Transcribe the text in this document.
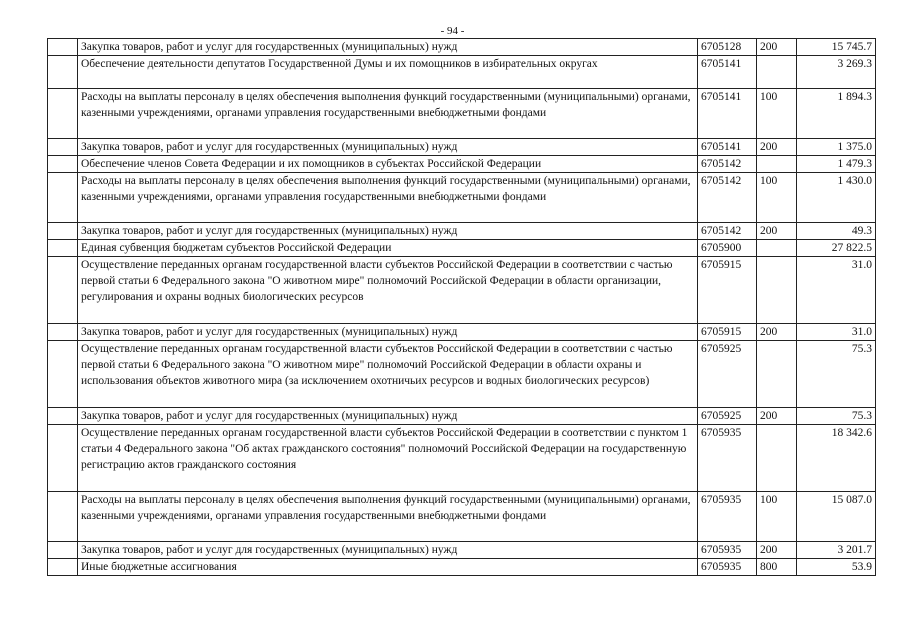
- 94 -
	Закупка товаров, работ и услуг для государственных (муниципальных) нужд	6705128	200	15 745.7
	Обеспечение деятельности депутатов Государственной Думы и их помощников в избирательных округах	6705141		3 269.3
	Расходы на выплаты персоналу в целях обеспечения выполнения функций государственными (муниципальными) органами, казенными учреждениями, органами управления государственными внебюджетными фондами	6705141	100	1 894.3
	Закупка товаров, работ и услуг для государственных (муниципальных) нужд	6705141	200	1 375.0
	Обеспечение членов Совета Федерации и их помощников в субъектах Российской Федерации	6705142		1 479.3
	Расходы на выплаты персоналу в целях обеспечения выполнения функций государственными (муниципальными) органами, казенными учреждениями, органами управления государственными внебюджетными фондами	6705142	100	1 430.0
	Закупка товаров, работ и услуг для государственных (муниципальных) нужд	6705142	200	49.3
	Единая субвенция бюджетам субъектов Российской Федерации	6705900		27 822.5
	Осуществление переданных органам государственной власти субъектов Российской Федерации в соответствии с частью первой статьи 6 Федерального закона "О животном мире" полномочий Российской Федерации в области организации, регулирования и охраны водных биологических ресурсов	6705915		31.0
	Закупка товаров, работ и услуг для государственных (муниципальных) нужд	6705915	200	31.0
	Осуществление переданных органам государственной власти субъектов Российской Федерации в соответствии с частью первой статьи 6 Федерального закона "О животном мире" полномочий Российской Федерации в области охраны и использования объектов животного мира (за исключением охотничьих ресурсов и водных биологических ресурсов)	6705925		75.3
	Закупка товаров, работ и услуг для государственных (муниципальных) нужд	6705925	200	75.3
	Осуществление переданных органам государственной власти субъектов Российской Федерации в соответствии с пунктом 1 статьи 4 Федерального закона "Об актах гражданского состояния" полномочий Российской Федерации на государственную регистрацию актов гражданского состояния	6705935		18 342.6
	Расходы на выплаты персоналу в целях обеспечения выполнения функций государственными (муниципальными) органами, казенными учреждениями, органами управления государственными внебюджетными фондами	6705935	100	15 087.0
	Закупка товаров, работ и услуг для государственных (муниципальных) нужд	6705935	200	3 201.7
	Иные бюджетные ассигнования	6705935	800	53.9
